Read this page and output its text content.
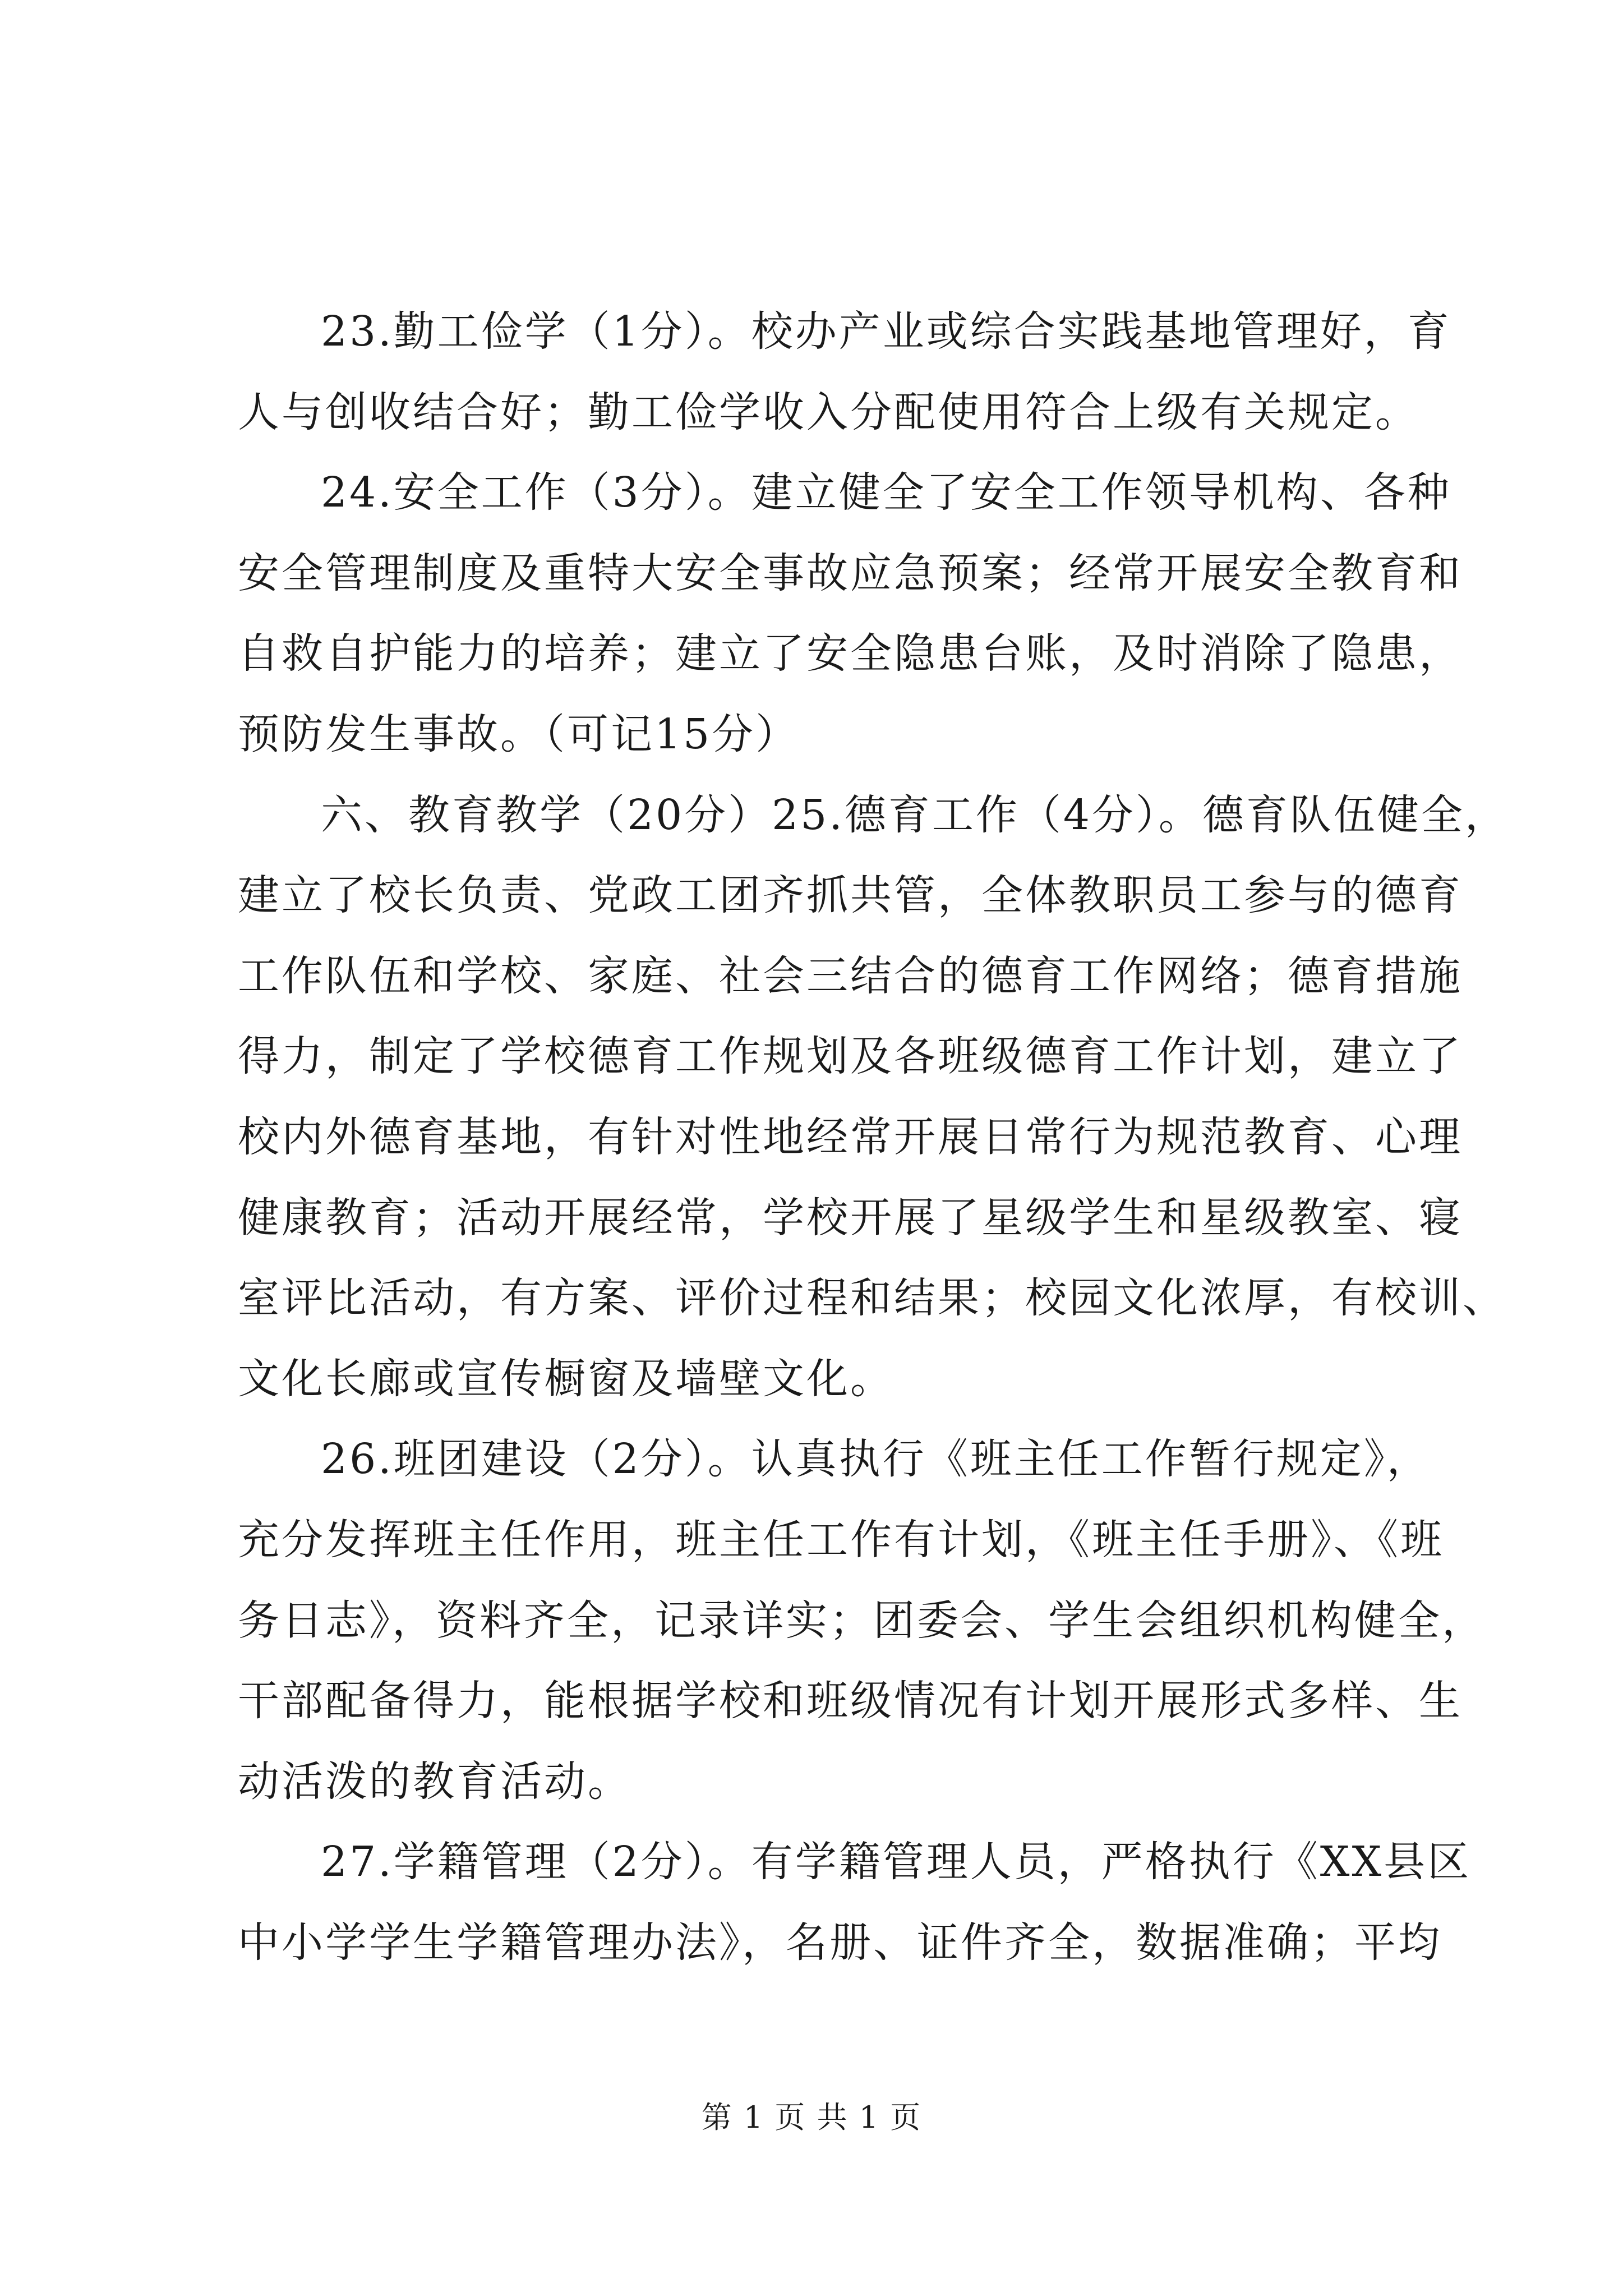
23.勤工俭学（1分）。校办产业或综合实践基地管理好，育
人与创收结合好；勤工俭学收入分配使用符合上级有关规定。
24.安全工作（3分）。建立健全了安全工作领导机构、各种
安全管理制度及重特大安全事故应急预案；经常开展安全教育和
自救自护能力的培养；建立了安全隐患台账，及时消除了隐患，
预防发生事故。（可记15分）
六、教育教学（20分）25.德育工作（4分）。德育队伍健全，
建立了校长负责、党政工团齐抓共管，全体教职员工参与的德育
工作队伍和学校、家庭、社会三结合的德育工作网络；德育措施
得力，制定了学校德育工作规划及各班级德育工作计划，建立了
校内外德育基地，有针对性地经常开展日常行为规范教育、心理
健康教育；活动开展经常，学校开展了星级学生和星级教室、寝
室评比活动，有方案、评价过程和结果；校园文化浓厚，有校训、
文化长廊或宣传橱窗及墙壁文化。
26.班团建设（2分）。认真执行《班主任工作暂行规定》，
充分发挥班主任作用，班主任工作有计划，《班主任手册》、《班
务日志》，资料齐全，记录详实；团委会、学生会组织机构健全，
干部配备得力，能根据学校和班级情况有计划开展形式多样、生
动活泼的教育活动。
27.学籍管理（2分）。有学籍管理人员，严格执行《XX县区
中小学学生学籍管理办法》，名册、证件齐全，数据准确；平均
第 1 页 共 1 页
